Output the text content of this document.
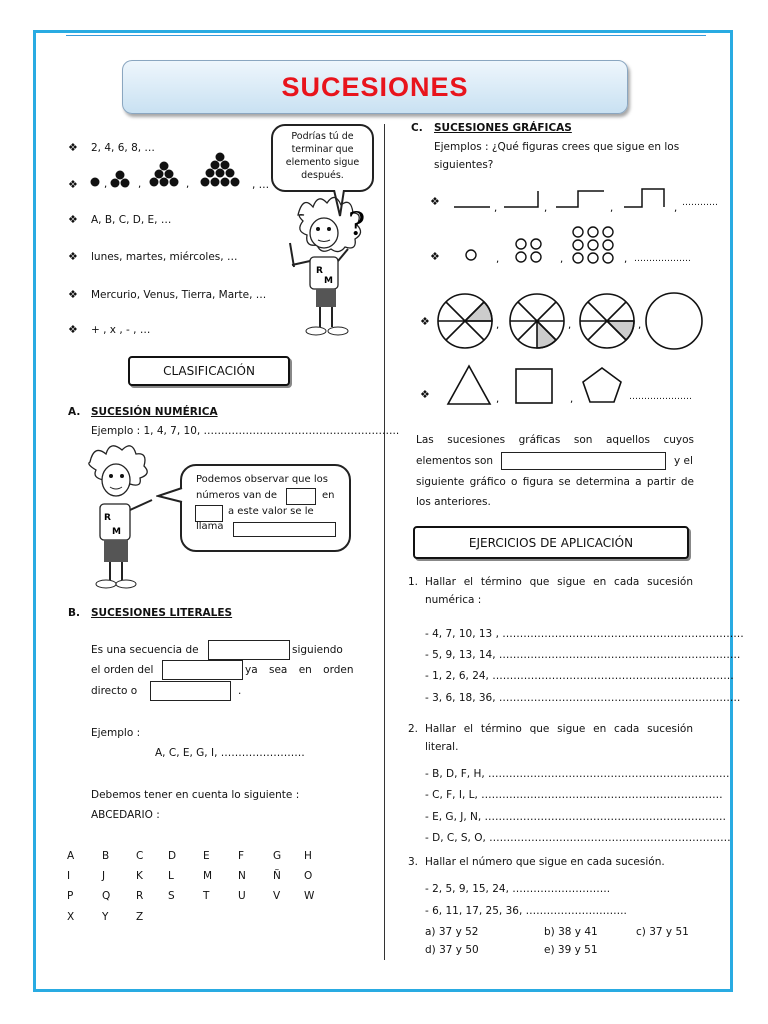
SUCESIONES
❖ 2, 4, 6, 8, …
❖	,	,	,	, …
❖ A, B, C, D, E, …
❖ lunes, martes, miércoles, …
❖ Mercurio, Venus, Tierra, Marte, …
❖ + , x , - , …
Podrías tú de terminar que elemento sigue después.
?
R
M
CLASIFICACIÓN
A. SUCESIÓN NUMÉRICA
Ejemplo : 1, 4, 7, 10, ………………………………………………..
R
M
Podemos observar que los
números van de	en
a este valor se le
llama
B. SUCESIONES LITERALES
Es una secuencia de	siguiendo
el orden del	ya sea en orden
directo o	.
Ejemplo :
A, C, E, G, I, ……………………
Debemos tener en cuenta lo siguiente :
ABCEDARIO :
A	B	C D	E	F	G H
I	J	K L	M N	Ñ O
P	Q R S	T	U	V W
X	Y	Z
C. SUCESIONES GRÁFICAS
Ejemplos : ¿Qué figuras crees que sigue en los
siguientes?
❖
,	,	,	, …………
❖	,	,	, ……………….
❖	,	,	,
❖	,	,	…………………
Las sucesiones gráficas son aquellos cuyos
elementos son	y el
siguiente gráfico o figura se determina a partir de
los anteriores.
EJERCICIOS DE APLICACIÓN
1. Hallar el término que sigue en cada sucesión
numérica :
- 4, 7, 10, 13 , ……………………………………………………………
- 5, 9, 13, 14, ……………………………………………………………
- 1, 2, 6, 24, ……………………………………………………………
- 3, 6, 18, 36, ……………………………………………………………
2. Hallar el término que sigue en cada sucesión
literal.
- B, D, F, H, ……………………………………………………………
- C, F, I, L, ……………………………………………………………
- E, G, J, N, ……………………………………………………………
- D, C, S, O, ……………………………………………………………
3. Hallar el número que sigue en cada sucesión.
- 2, 5, 9, 15, 24, ……………………….
- 6, 11, 17, 25, 36, ………………………..
a) 37 y 52	b) 38 y 41	c) 37 y 51
d) 37 y 50	e) 39 y 51
